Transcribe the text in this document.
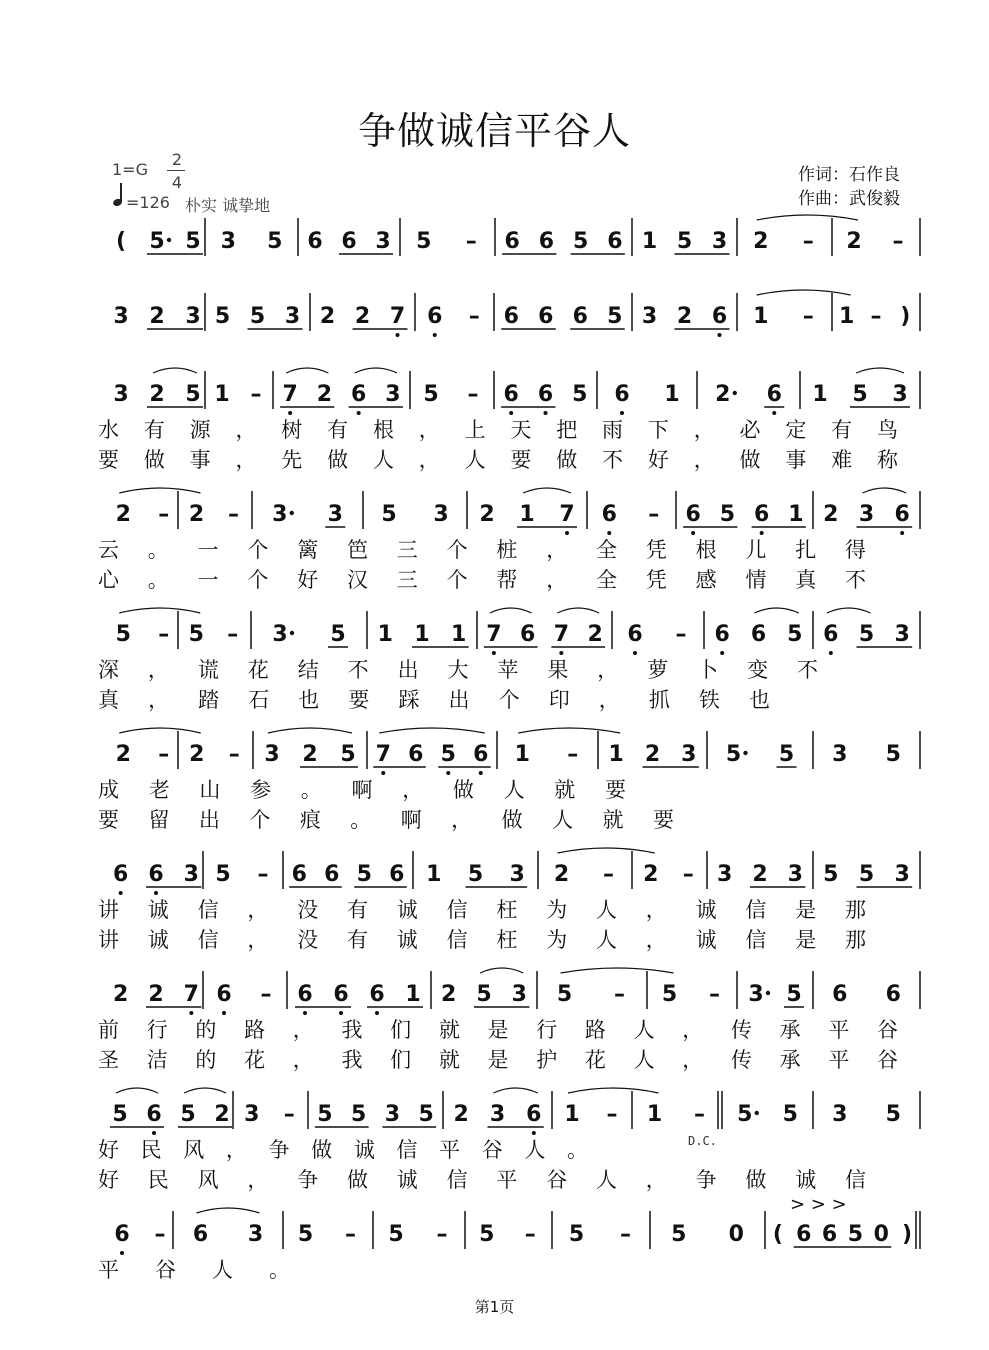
争做诚信平谷人
1=G
2
4
=126 朴实 诚挚地
作词：石作良
作曲：武俊毅
D.C.
第1页
( 5 5 3 5 6 6 3 5 – 6 6 5 6 1 5 3 2 – 2 –
3 2 3 5 5 3 2 2 7 6 – 6 6 6 5 3 2 6 1 – 1 – )
3 2 5 1 – 7 2 6 3 5 – 6 6 5 6 1 2 6 1 5 3
水有源，树有根，上天把雨下，必定有鸟
要做事，先做人，人要做不好，做事难称
2 – 2 – 3 3 5 3 2 1 7 6 – 6 5 6 1 2 3 6
云。一个篱笆三个桩，全凭根儿扎得
心。一个好汉三个帮，全凭感情真不
5 – 5 – 3 5 1 1 1 7 6 7 2 6 – 6 6 5 6 5 3
深，谎花结不出大苹果，萝卜变不
真，踏石也要踩出个印，抓铁也
2 – 2 – 3 2 5 7 6 5 6 1 – 1 2 3 5 5 3 5
成老山参。啊，做人就要
要留出个痕。啊，做人就要
6 6 3 5 – 6 6 5 6 1 5 3 2 – 2 – 3 2 3 5 5 3
讲诚信，没有诚信枉为人，诚信是那
讲诚信，没有诚信枉为人，诚信是那
2 2 7 6 – 6 6 6 1 2 5 3 5 – 5 – 3 5 6 6
前行的路，我们就是行路人，传承平谷
圣洁的花，我们就是护花人，传承平谷
5 6 5 2 3 – 5 5 3 5 2 3 6 1 – 1 – 5 5 3 5
好民风，争做诚信平谷人。
好民风，争做诚信平谷人，争做诚信
6 – 6 3 5 – 5 – 5 – 5 – 5 0 ( 6 6 5 0 )
平谷人。
> > >
